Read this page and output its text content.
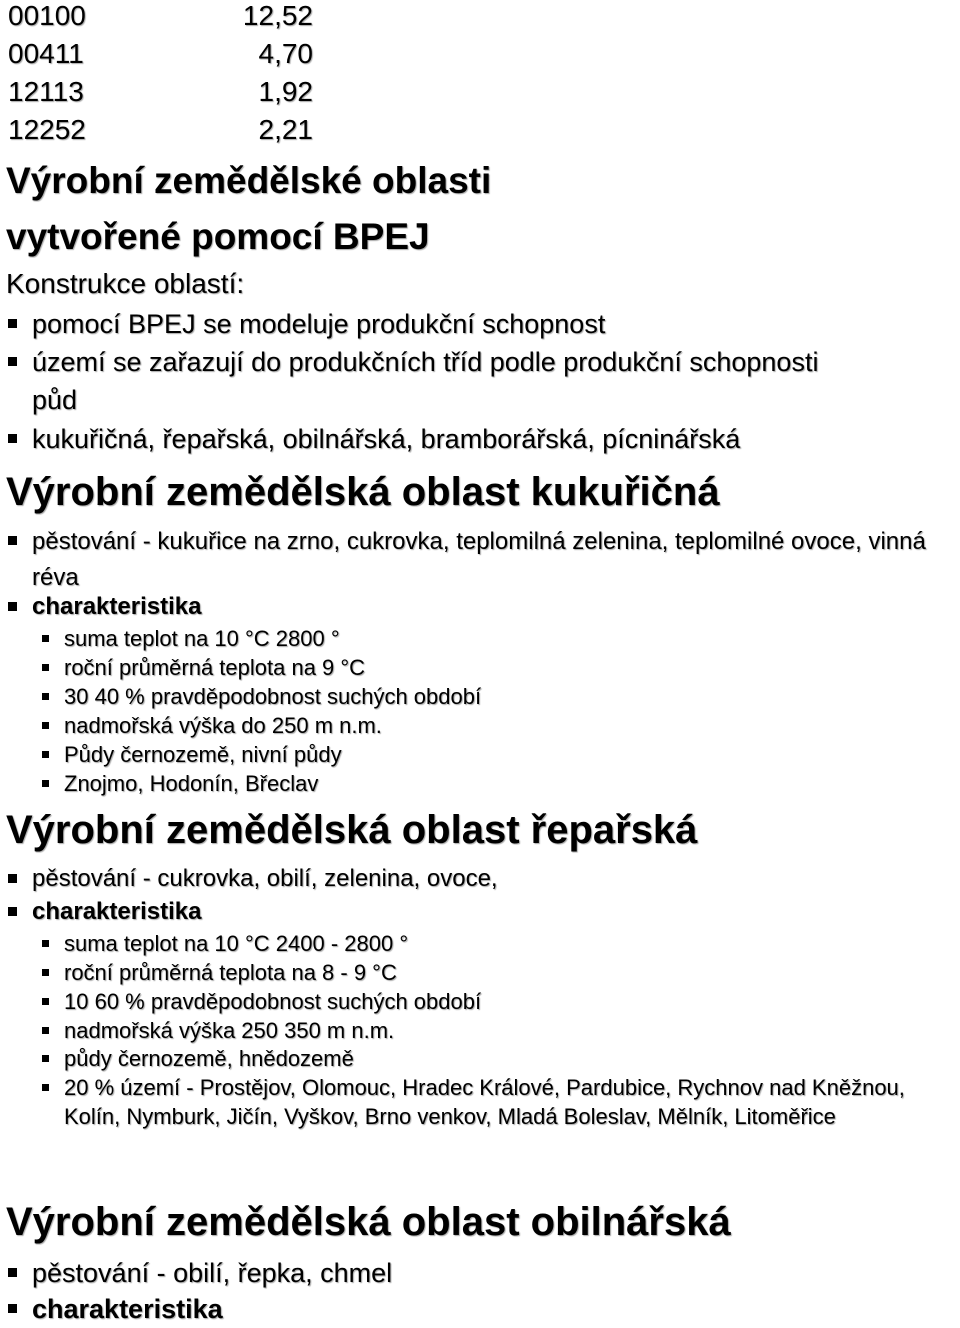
00100	12,52
00411	4,70
12113	1,92
12252	2,21
Výrobní zemědělské oblasti
vytvořené pomocí BPEJ
Konstrukce oblastí:
pomocí BPEJ se modeluje produkční schopnost
území se zařazují do produkčních tříd podle produkční schopnosti půd
kukuřičná, řepařská, obilnářská, bramborářská, pícninářská
Výrobní zemědělská oblast kukuřičná
pěstování - kukuřice na zrno, cukrovka, teplomilná zelenina, teplomilné ovoce, vinná réva
charakteristika
suma teplot na 10 °C 2800 °
roční průměrná teplota na 9 °C
30 40 % pravděpodobnost suchých období
nadmořská výška do 250 m n.m.
Půdy černozemě, nivní půdy
Znojmo, Hodonín, Břeclav
Výrobní zemědělská oblast řepařská
pěstování - cukrovka, obilí, zelenina, ovoce,
charakteristika
suma teplot na 10 °C 2400 - 2800 °
roční průměrná teplota na 8 - 9 °C
10 60 % pravděpodobnost suchých období
nadmořská výška 250 350 m n.m.
půdy černozemě, hnědozemě
20 % území - Prostějov, Olomouc, Hradec Králové, Pardubice, Rychnov nad Kněžnou, Kolín, Nymburk, Jičín, Vyškov, Brno venkov, Mladá Boleslav, Mělník, Litoměřice
Výrobní zemědělská oblast obilnářská
pěstování - obilí, řepka, chmel
charakteristika
